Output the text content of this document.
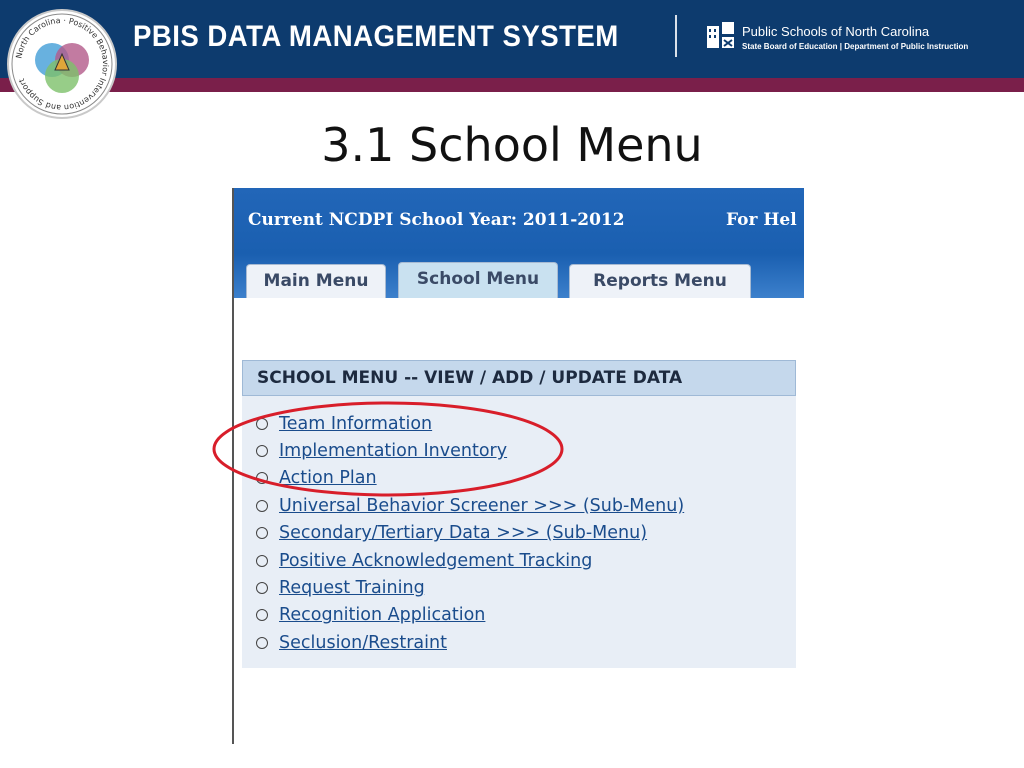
North Carolina · Positive Behavior Intervention and Support
PBIS DATA MANAGEMENT SYSTEM	Public Schools of North Carolina
State Board of Education | Department of Public Instruction
3.1 School Menu
Current NCDPI School Year: 2011-2012	For Hel
Main Menu	School Menu	Reports Menu
SCHOOL MENU -- VIEW / ADD / UPDATE DATA
Team Information
Implementation Inventory
Action Plan
Universal Behavior Screener >>> (Sub-Menu)
Secondary/Tertiary Data >>> (Sub-Menu)
Positive Acknowledgement Tracking
Request Training
Recognition Application
Seclusion/Restraint
